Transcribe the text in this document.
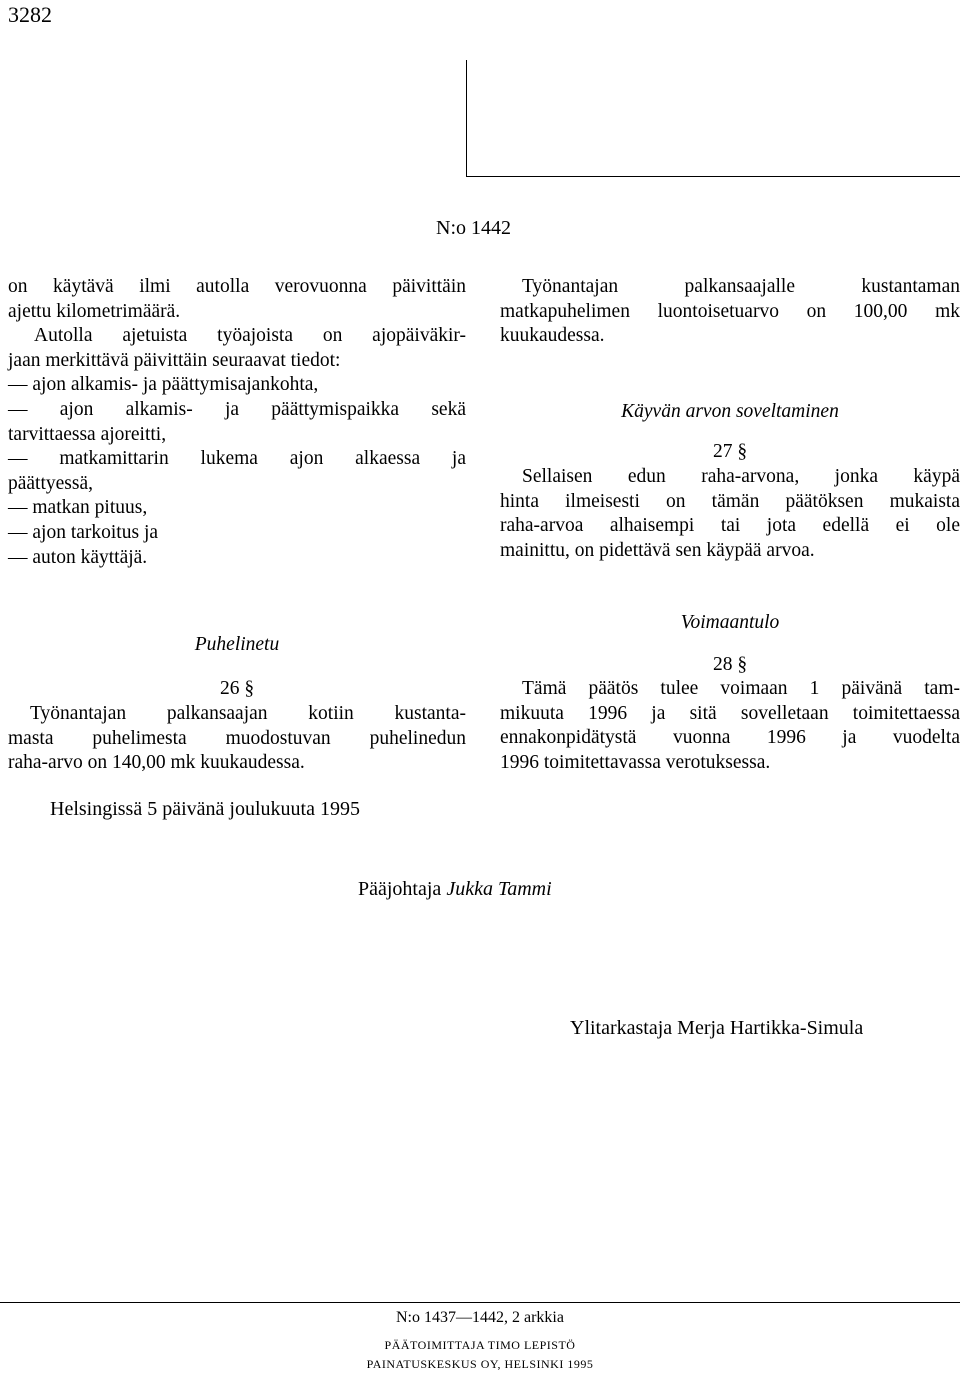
3282
N:o 1442

on käytävä ilmi autolla verovuonna päivittäin
ajettu kilometrimäärä.

Autolla ajetuista työajoista on ajopäiväkir-
jaan merkittävä päivittäin seuraavat tiedot:

— ajon alkamis- ja päättymisajankohta,
— ajon alkamis- ja päättymispaikka sekä
tarvittaessa ajoreitti,
— matkamittarin lukema ajon alkaessa ja
päättyessä,
— matkan pituus,
— ajon tarkoitus ja
— auton käyttäjä.

Työnantajan palkansaajalle kustantaman
matkapuhelimen luontoisetuarvo on 100,00 mk
kuukaudessa.

Käyvän arvon soveltaminen
27 §
Sellaisen edun raha-arvona, jonka käypä
hinta ilmeisesti on tämän päätöksen mukaista
raha-arvoa alhaisempi tai jota edellä ei ole
mainittu, on pidettävä sen käypää arvoa.
Puhelinetu
26 §
Työnantajan palkansaajan kotiin kustanta-
masta puhelimesta muodostuvan puhelinedun
raha-arvo on 140,00 mk kuukaudessa.
Voimaantulo
28 §
Tämä päätös tulee voimaan 1 päivänä tam-
mikuuta 1996 ja sitä sovelletaan toimitettaessa
ennakonpidätystä vuonna 1996 ja vuodelta
1996 toimitettavassa verotuksessa.
Helsingissä 5 päivänä joulukuuta 1995
Pääjohtaja Jukka Tammi
Ylitarkastaja Merja Hartikka-Simula
N:o 1437—1442, 2 arkkia
PÄÄTOIMITTAJA TIMO LEPISTÖ
PAINATUSKESKUS OY, HELSINKI 1995
